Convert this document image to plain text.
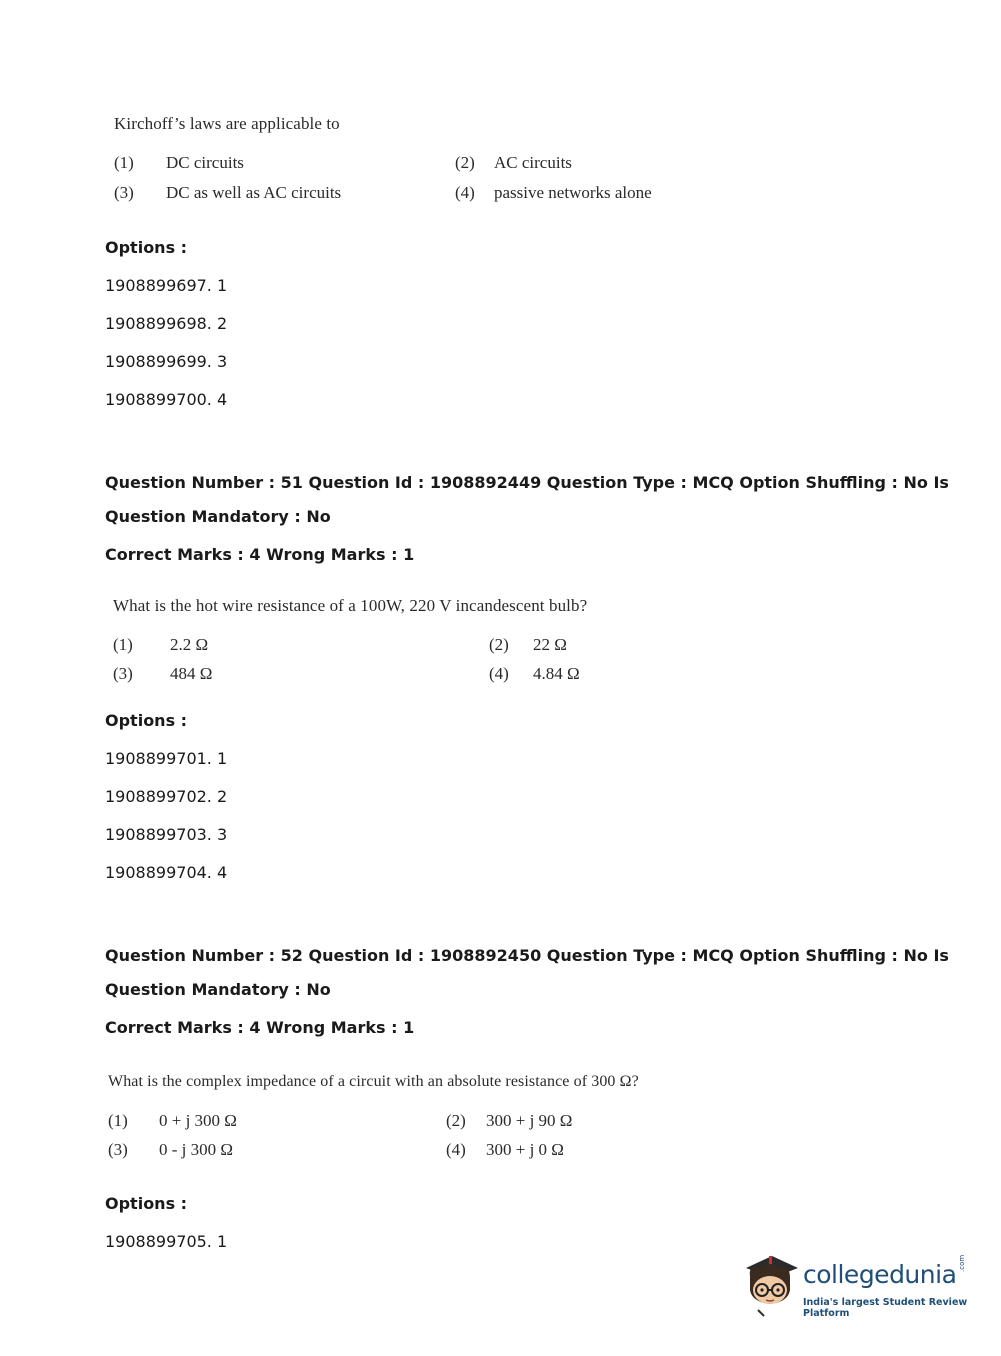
Kirchoff’s laws are applicable to
(1) DC circuits	(2) AC circuits
(3) DC as well as AC circuits	(4) passive networks alone
Options :
1908899697. 1
1908899698. 2
1908899699. 3
1908899700. 4
Question Number : 51 Question Id : 1908892449 Question Type : MCQ Option Shuffling : No Is
Question Mandatory : No
Correct Marks : 4 Wrong Marks : 1
What is the hot wire resistance of a 100W, 220 V incandescent bulb?
(1) 2.2 Ω	(2) 22 Ω
(3) 484 Ω	(4) 4.84 Ω
Options :
1908899701. 1
1908899702. 2
1908899703. 3
1908899704. 4
Question Number : 52 Question Id : 1908892450 Question Type : MCQ Option Shuffling : No Is
Question Mandatory : No
Correct Marks : 4 Wrong Marks : 1
What is the complex impedance of a circuit with an absolute resistance of 300 Ω?
(1) 0 + j 300 Ω	(2) 300 + j 90 Ω
(3) 0 - j 300 Ω	(4) 300 + j 0 Ω
Options :
1908899705. 1
collegedunia .com
India's largest Student Review Platform
